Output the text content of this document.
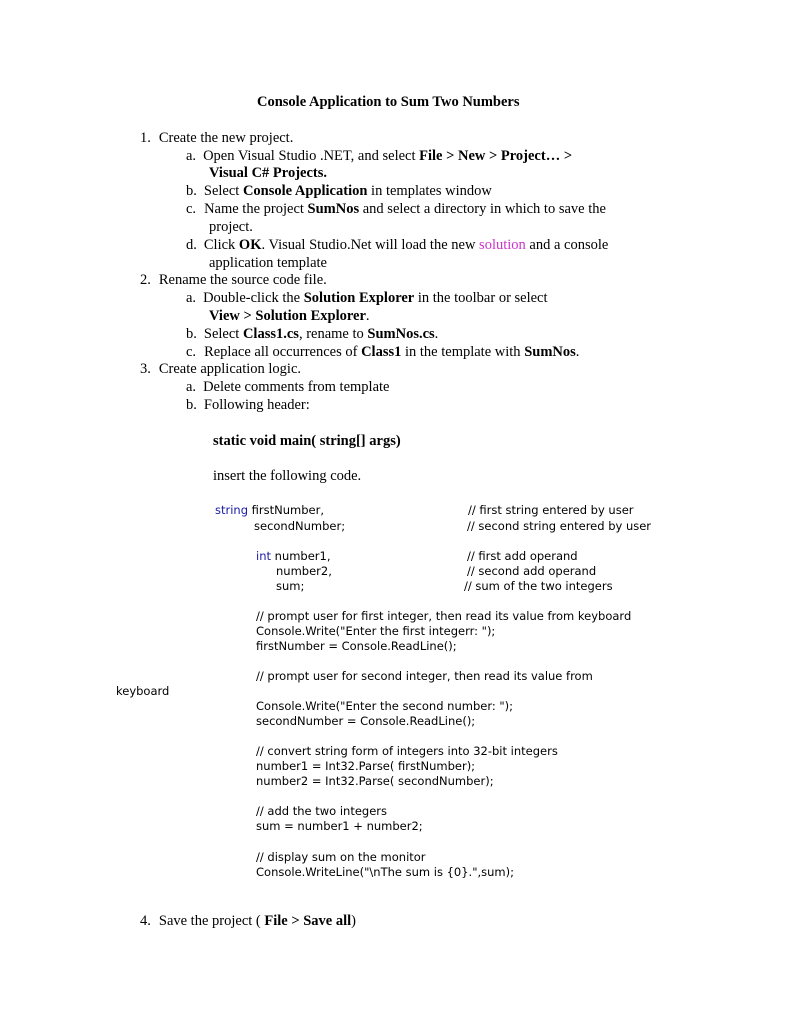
Console Application to Sum Two Numbers
1. Create the new project.
a. Open Visual Studio .NET, and select File > New > Project… >
Visual C# Projects.
b. Select Console Application in templates window
c. Name the project SumNos and select a directory in which to save the
project.
d. Click OK. Visual Studio.Net will load the new solution and a console
application template
2. Rename the source code file.
a. Double-click the Solution Explorer in the toolbar or select
View > Solution Explorer.
b. Select Class1.cs, rename to SumNos.cs.
c. Replace all occurrences of Class1 in the template with SumNos.
3. Create application logic.
a. Delete comments from template
b. Following header:
static void main( string[] args)
insert the following code.
string firstNumber,	// first string entered by user
secondNumber;	// second string entered by user
int number1,	// first add operand
number2,	// second add operand
sum;	// sum of the two integers
// prompt user for first integer, then read its value from keyboard
Console.Write("Enter the first integerr: ");
firstNumber = Console.ReadLine();
// prompt user for second integer, then read its value from
keyboard
Console.Write("Enter the second number: ");
secondNumber = Console.ReadLine();
// convert string form of integers into 32-bit integers
number1 = Int32.Parse( firstNumber);
number2 = Int32.Parse( secondNumber);
// add the two integers
sum = number1 + number2;
// display sum on the monitor
Console.WriteLine("\nThe sum is {0}.",sum);
4. Save the project ( File > Save all)
